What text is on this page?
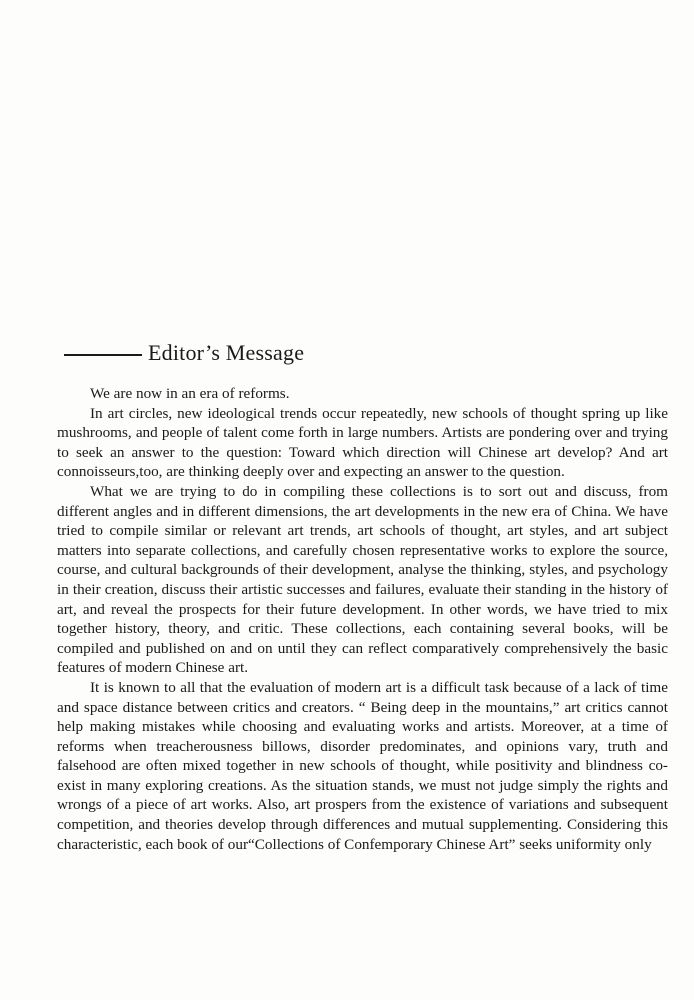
Editor’s Message

We are now in an era of reforms.

In art circles, new ideological trends occur repeatedly, new schools of thought spring up like mushrooms, and people of talent come forth in large numbers. Artists are pondering over and trying to seek an answer to the question: Toward which direction will Chinese art develop? And art connoisseurs,too, are thinking deeply over and expecting an answer to the question.

What we are trying to do in compiling these collections is to sort out and discuss, from different angles and in different dimensions, the art developments in the new era of China. We have tried to compile similar or relevant art trends, art schools of thought, art styles, and art subject matters into separate collections, and carefully chosen representative works to explore the source, course, and cultural backgrounds of their development, analyse the thinking, styles, and psychology in their creation, discuss their artistic successes and failures, evaluate their standing in the history of art, and reveal the prospects for their future development. In other words, we have tried to mix together history, theory, and critic. These collections, each containing several books, will be compiled and published on and on until they can reflect comparatively comprehensively the basic features of modern Chinese art.

It is known to all that the evaluation of modern art is a difficult task because of a lack of time and space distance between critics and creators. “ Being deep in the mountains,” art critics cannot help making mistakes while choosing and evaluating works and artists. Moreover, at a time of reforms when treacherousness billows, disorder predominates, and opinions vary, truth and falsehood are often mixed together in new schools of thought, while positivity and blindness co-exist in many exploring creations. As the situation stands, we must not judge simply the rights and wrongs of a piece of art works. Also, art prospers from the existence of variations and subsequent competition, and theories develop through differences and mutual supplementing. Considering this characteristic, each book of our“Collections of Confemporary Chinese Art” seeks uniformity only
